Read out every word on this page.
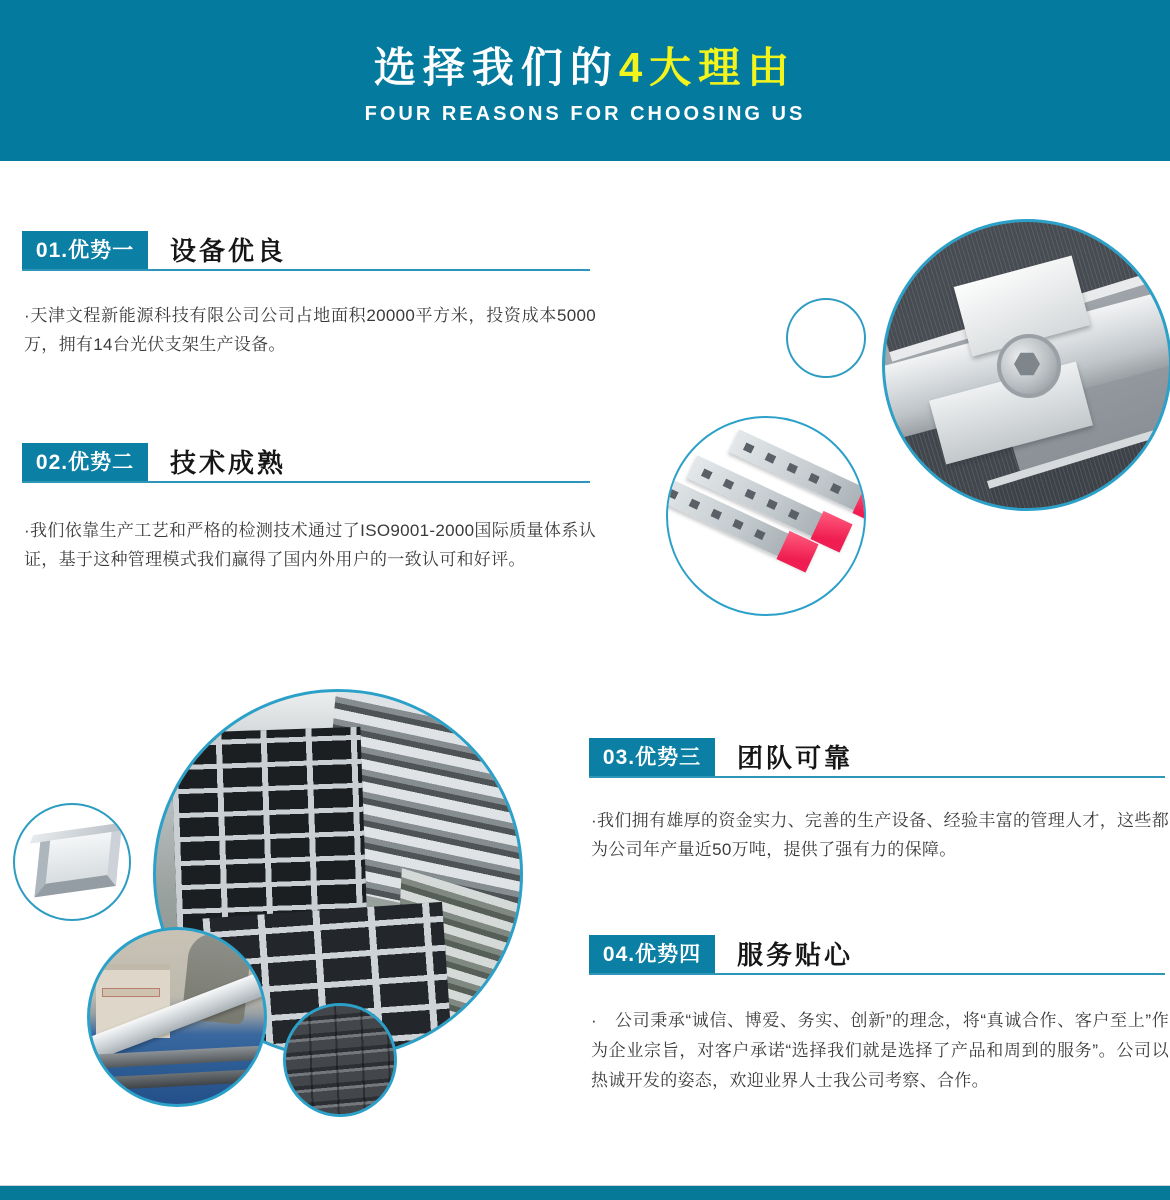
选择我们的4大理由
FOUR REASONS FOR CHOOSING US
01.优势一	设备优良

·天津文程新能源科技有限公司公司占地面积20000平方米，投资成本5000万，拥有14台光伏支架生产设备。

02.优势二	技术成熟

·我们依靠生产工艺和严格的检测技术通过了ISO9001-2000国际质量体系认证，基于这种管理模式我们赢得了国内外用户的一致认可和好评。

03.优势三	团队可靠

·我们拥有雄厚的资金实力、完善的生产设备、经验丰富的管理人才，这些都为公司年产量近50万吨，提供了强有力的保障。

04.优势四	服务贴心

·　公司秉承“诚信、博爱、务实、创新”的理念，将“真诚合作、客户至上”作为企业宗旨，对客户承诺“选择我们就是选择了产品和周到的服务”。公司以热诚开发的姿态，欢迎业界人士我公司考察、合作。
